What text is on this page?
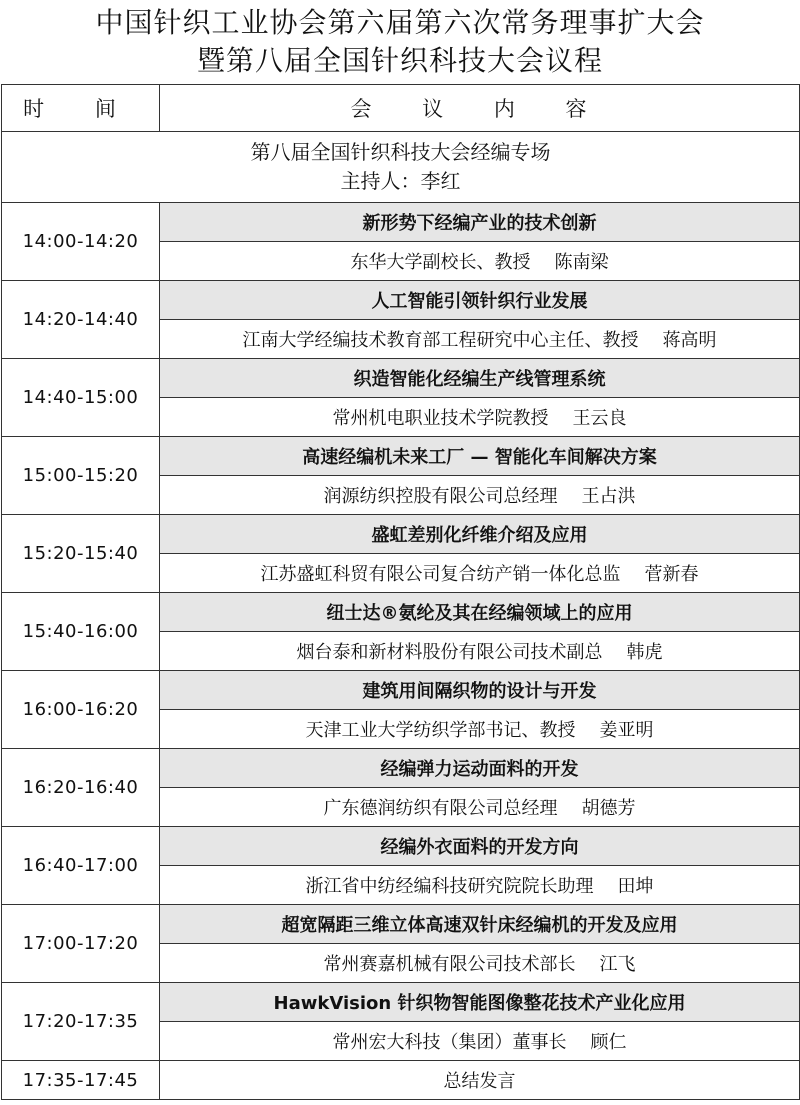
中国针织工业协会第六届第六次常务理事扩大会
暨第八届全国针织科技大会议程
时 间	会 议 内 容

第八届全国针织科技大会经编专场
主持人：李红	

14:00-14:20	新形势下经编产业的技术创新
	东华大学副校长、教授 陈南梁
14:20-14:40	人工智能引领针织行业发展
	江南大学经编技术教育部工程研究中心主任、教授 蒋高明
14:40-15:00	织造智能化经编生产线管理系统
	常州机电职业技术学院教授 王云良
15:00-15:20	高速经编机未来工厂 — 智能化车间解决方案
	润源纺织控股有限公司总经理 王占洪
15:20-15:40	盛虹差别化纤维介绍及应用
	江苏盛虹科贸有限公司复合纺产销一体化总监 菅新春
15:40-16:00	纽士达®氨纶及其在经编领域上的应用
	烟台泰和新材料股份有限公司技术副总 韩虎
16:00-16:20	建筑用间隔织物的设计与开发
	天津工业大学纺织学部书记、教授 姜亚明
16:20-16:40	经编弹力运动面料的开发
	广东德润纺织有限公司总经理 胡德芳
16:40-17:00	经编外衣面料的开发方向
	浙江省中纺经编科技研究院院长助理 田坤
17:00-17:20	超宽隔距三维立体高速双针床经编机的开发及应用
	常州赛嘉机械有限公司技术部长 江飞
17:20-17:35	HawkVision 针织物智能图像整花技术产业化应用
	常州宏大科技（集团）董事长 顾仁
17:35-17:45	总结发言
